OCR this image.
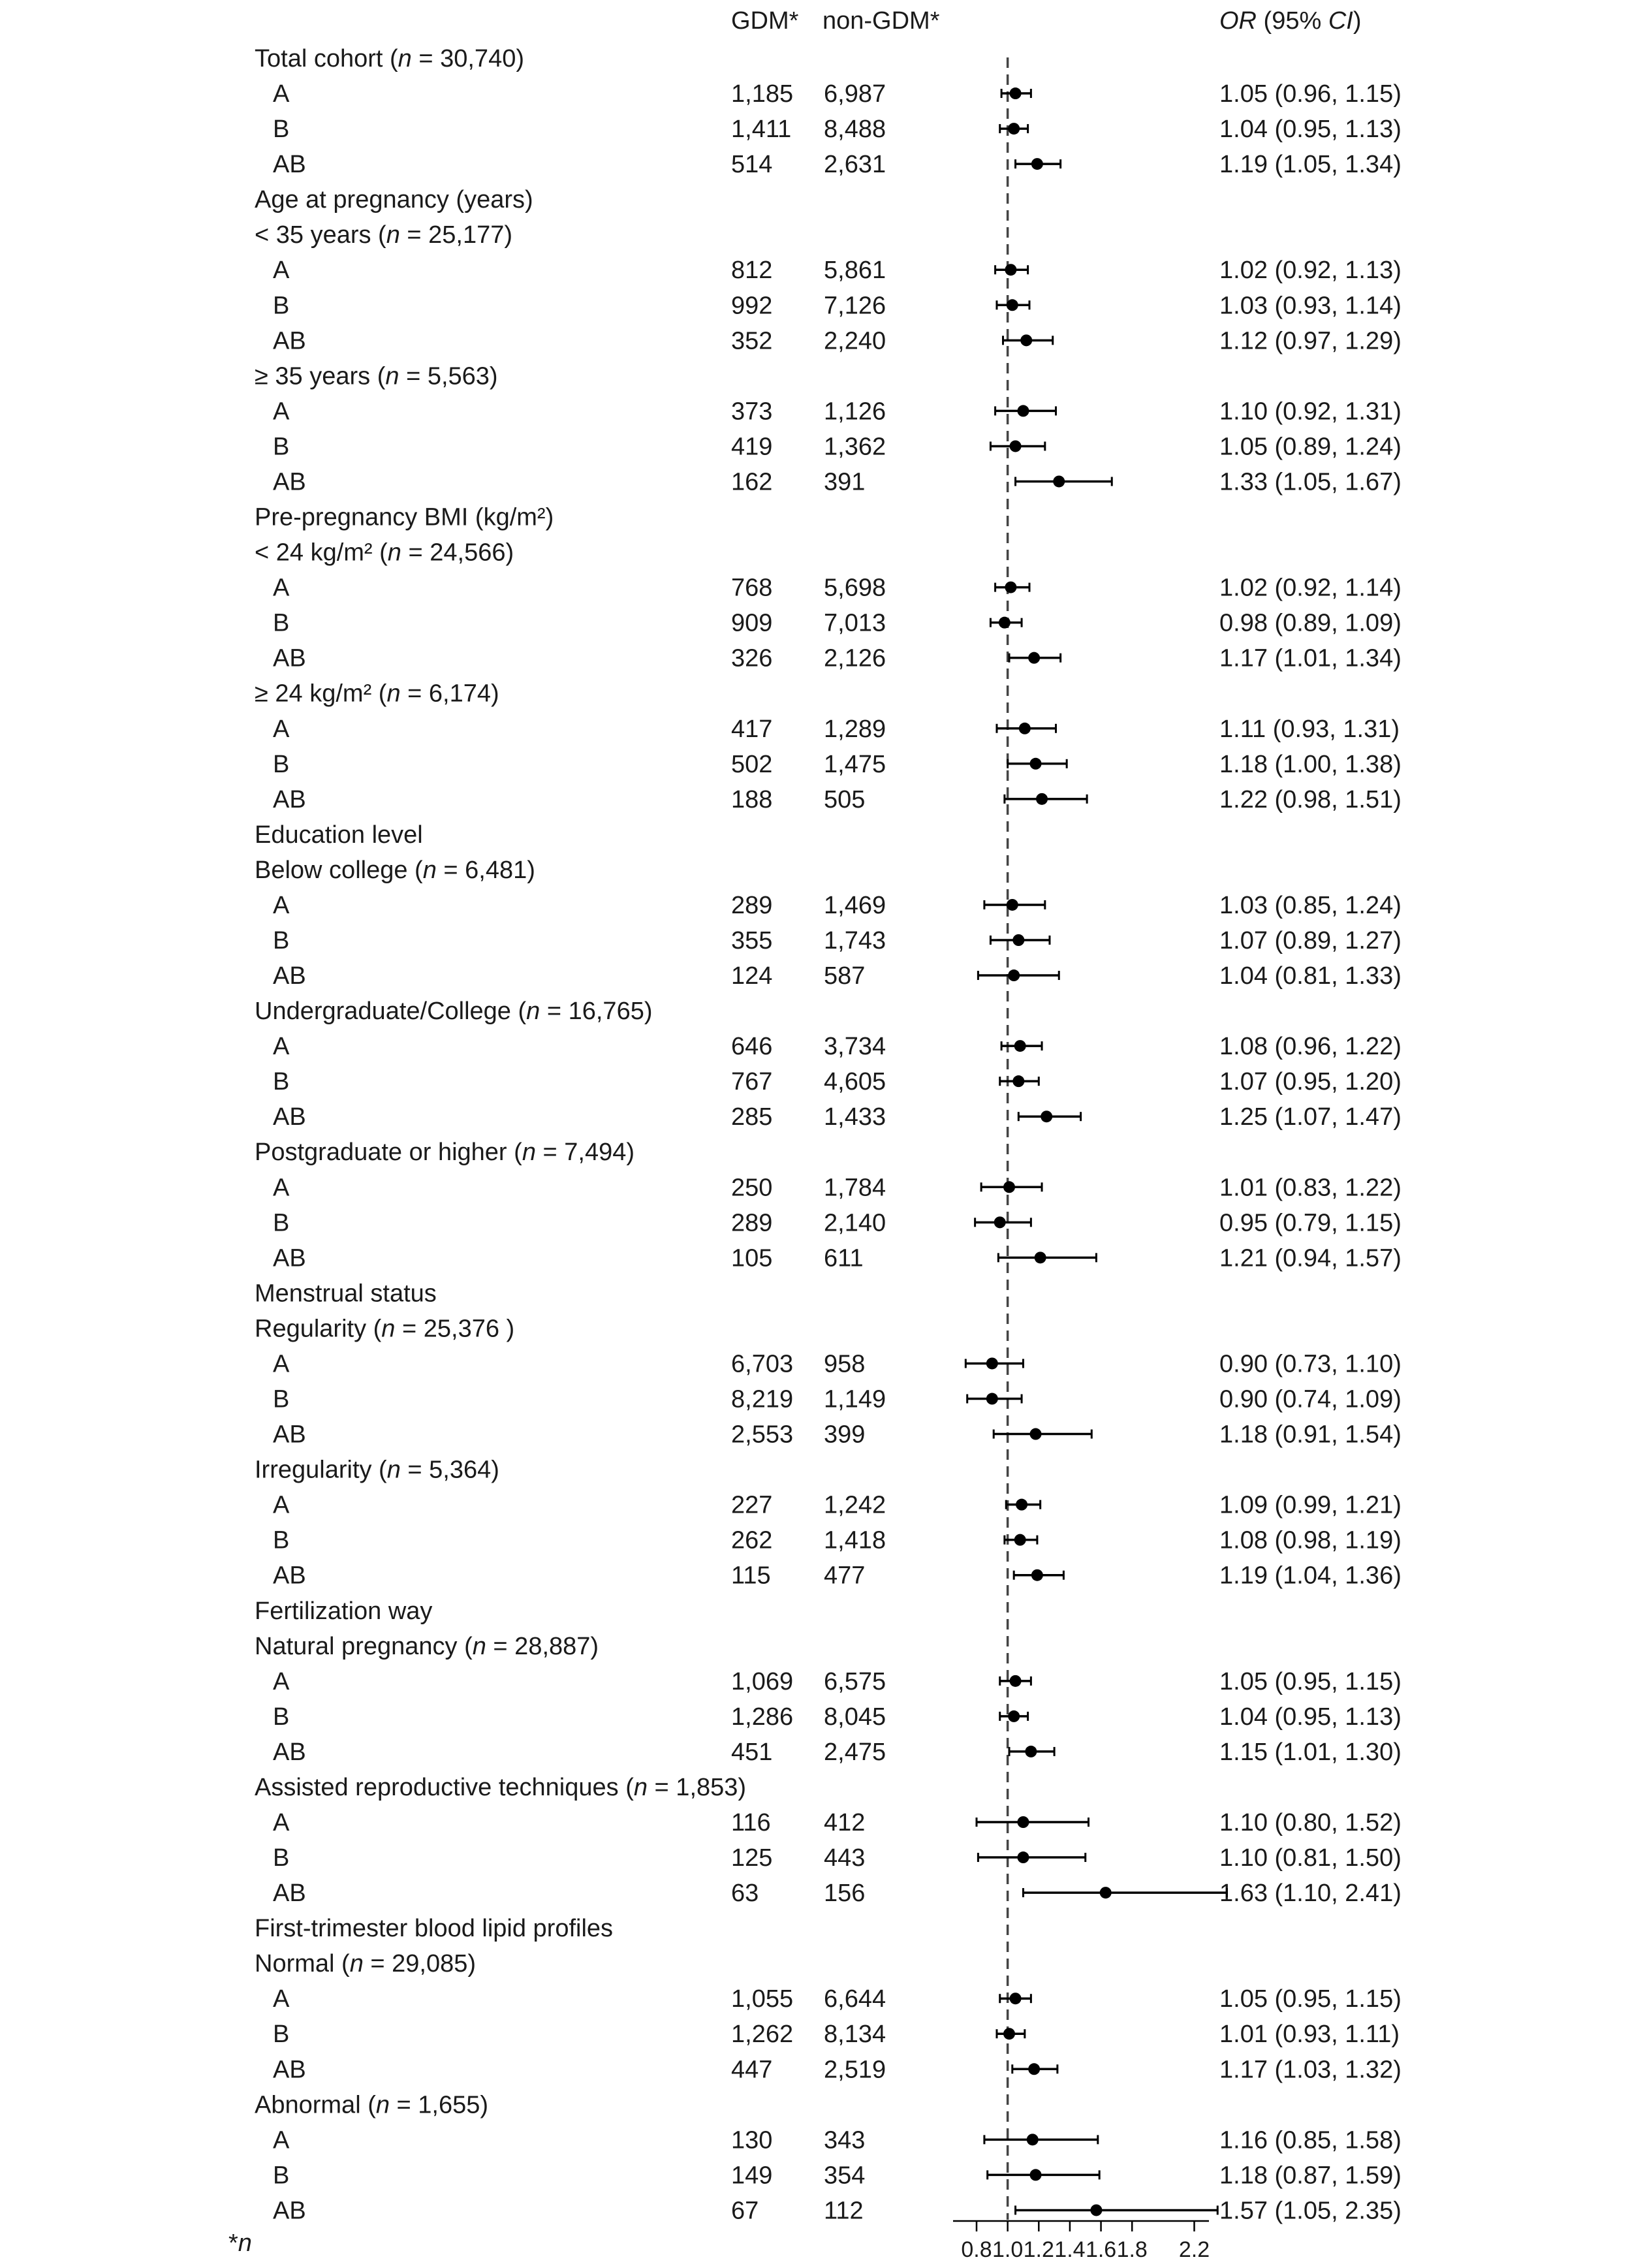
GDM* non-GDM*	OR (95% CI)
Total cohort (n = 30,740)
A	1,185 6,987	1.05 (0.96, 1.15)
B	1,411 8,488	1.04 (0.95, 1.13)
AB	514 2,631	1.19 (1.05, 1.34)
Age at pregnancy (years)
< 35 years (n = 25,177)
A	812 5,861	1.02 (0.92, 1.13)
B	992 7,126	1.03 (0.93, 1.14)
AB	352 2,240	1.12 (0.97, 1.29)
≥ 35 years (n = 5,563)
A	373 1,126	1.10 (0.92, 1.31)
B	419 1,362	1.05 (0.89, 1.24)
AB	162 391	1.33 (1.05, 1.67)
Pre-pregnancy BMI (kg/m²)
< 24 kg/m² (n = 24,566)
A	768 5,698	1.02 (0.92, 1.14)
B	909 7,013	0.98 (0.89, 1.09)
AB	326 2,126	1.17 (1.01, 1.34)
≥ 24 kg/m² (n = 6,174)
A	417 1,289	1.11 (0.93, 1.31)
B	502 1,475	1.18 (1.00, 1.38)
AB	188 505	1.22 (0.98, 1.51)
Education level
Below college (n = 6,481)
A	289 1,469	1.03 (0.85, 1.24)
B	355 1,743	1.07 (0.89, 1.27)
AB	124 587	1.04 (0.81, 1.33)
Undergraduate/College (n = 16,765)
A	646 3,734	1.08 (0.96, 1.22)
B	767 4,605	1.07 (0.95, 1.20)
AB	285 1,433	1.25 (1.07, 1.47)
Postgraduate or higher (n = 7,494)
A	250 1,784	1.01 (0.83, 1.22)
B	289 2,140	0.95 (0.79, 1.15)
AB	105 611	1.21 (0.94, 1.57)
Menstrual status
Regularity (n = 25,376 )
A	6,703 958	0.90 (0.73, 1.10)
B	8,219 1,149	0.90 (0.74, 1.09)
AB	2,553 399	1.18 (0.91, 1.54)
Irregularity (n = 5,364)
A	227 1,242	1.09 (0.99, 1.21)
B	262 1,418	1.08 (0.98, 1.19)
AB	115 477	1.19 (1.04, 1.36)
Fertilization way
Natural pregnancy (n = 28,887)
A	1,069 6,575	1.05 (0.95, 1.15)
B	1,286 8,045	1.04 (0.95, 1.13)
AB	451 2,475	1.15 (1.01, 1.30)
Assisted reproductive techniques (n = 1,853)
A	116 412	1.10 (0.80, 1.52)
B	125 443	1.10 (0.81, 1.50)
AB	63	156	1.63 (1.10, 2.41)
First-trimester blood lipid profiles
Normal (n = 29,085)
A	1,055 6,644	1.05 (0.95, 1.15)
B	1,262 8,134	1.01 (0.93, 1.11)
AB	447 2,519	1.17 (1.03, 1.32)
Abnormal (n = 1,655)
A	130 343	1.16 (0.85, 1.58)
B	149 354	1.18 (0.87, 1.59)
AB	67	112	1.57 (1.05, 2.35)
0.8 1.0 1.2 1.4 1.6 1.8 2.2
*n
